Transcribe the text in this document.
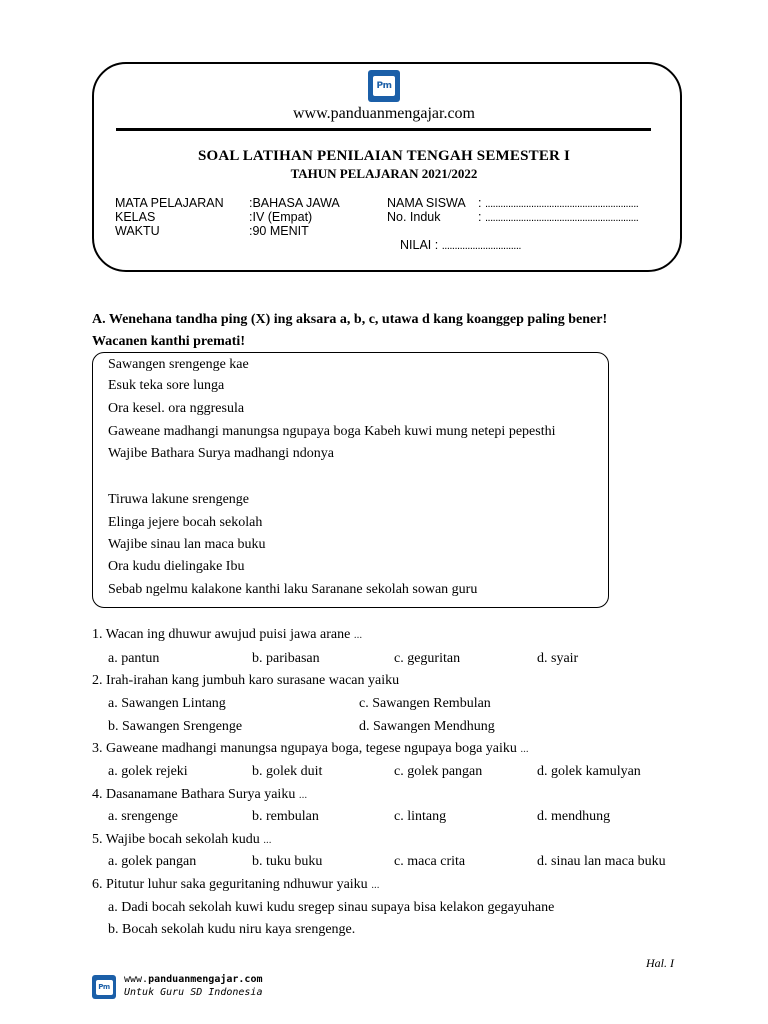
Pm
www.panduanmengajar.com
SOAL LATIHAN PENILAIAN TENGAH SEMESTER I
TAHUN PELAJARAN 2021/2022
MATA PELAJARAN :BAHASA JAWA
KELAS	:IV (Empat)
WAKTU	:90 MENIT
NAMA SISWA : ............................................................
No. Induk	: ............................................................
NILAI : ...............................
A. Wenehana tandha ping (X) ing aksara a, b, c, utawa d kang koanggep paling bener!
Wacanen kanthi premati!
Sawangen srengenge kae
Esuk teka sore lunga
Ora kesel. ora nggresula
Gaweane madhangi manungsa ngupaya boga Kabeh kuwi mung netepi pepesthi
Wajibe Bathara Surya madhangi ndonya
Tiruwa lakune srengenge
Elinga jejere bocah sekolah
Wajibe sinau lan maca buku
Ora kudu dielingake Ibu
Sebab ngelmu kalakone kanthi laku Saranane sekolah sowan guru
1. Wacan ing dhuwur awujud puisi jawa arane ...
a. pantun	b. paribasan	c. geguritan	d. syair
2. Irah-irahan kang jumbuh karo surasane wacan yaiku
a. Sawangen Lintang	c. Sawangen Rembulan
b. Sawangen Srengenge	d. Sawangen Mendhung
3. Gaweane madhangi manungsa ngupaya boga, tegese ngupaya boga yaiku ...
a. golek rejeki	b. golek duit	c. golek pangan	d. golek kamulyan
4. Dasanamane Bathara Surya yaiku ...
a. srengenge	b. rembulan	c. lintang	d. mendhung
5. Wajibe bocah sekolah kudu ...
a. golek pangan	b. tuku buku	c. maca crita	d. sinau lan maca buku
6. Pitutur luhur saka geguritaning ndhuwur yaiku ...
a. Dadi bocah sekolah kuwi kudu sregep sinau supaya bisa kelakon gegayuhane
b. Bocah sekolah kudu niru kaya srengenge.
Hal. I
Pm
www.panduanmengajar.com
Untuk Guru SD Indonesia
